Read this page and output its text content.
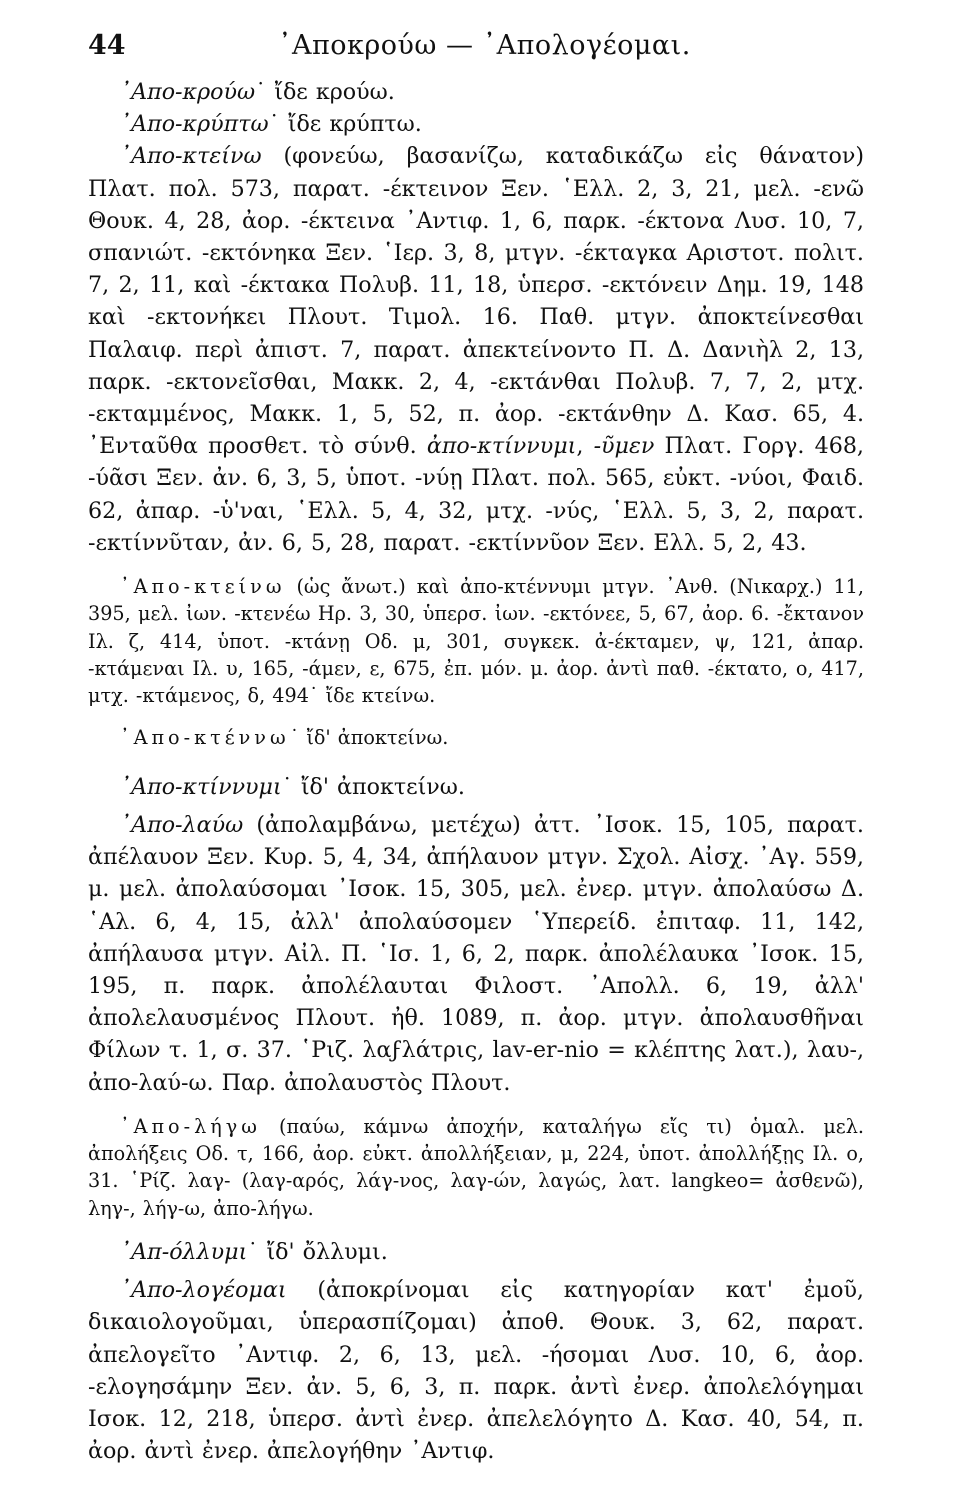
44	᾿Αποκρούω — ᾿Απολογέομαι.

᾿Απο-κρούω˙ ἴδε κρούω.

᾿Απο-κρύπτω˙ ἴδε κρύπτω.

᾿Απο-κτείνω (φονεύω, βασανίζω, καταδικάζω εἰς θάνατον) Πλατ. πολ. 573, παρατ. -έκτεινον Ξεν. ῾Ελλ. 2, 3, 21, μελ. -ενῶ Θουκ. 4, 28, ἀορ. -έκτεινα ᾿Αντιφ. 1, 6, παρκ. -έκτονα Λυσ. 10, 7, σπανιώτ. -εκτόνηκα Ξεν. ῾Ιερ. 3, 8, μτγν. -έκταγκα Αριστοτ. πολιτ. 7, 2, 11, καὶ -έκτακα Πολυβ. 11, 18, ὑπερσ. -εκτόνειν Δημ. 19, 148 καὶ -εκτονήκει Πλουτ. Τιμολ. 16. Παθ. μτγν. ἀποκτείνεσθαι Παλαιφ. περὶ ἀπιστ. 7, παρατ. ἀπεκτείνοντο Π. Δ. Δανιὴλ 2, 13, παρκ. -εκτονεῖσθαι, Μακκ. 2, 4, -εκτάνθαι Πολυβ. 7, 7, 2, μτχ. -εκταμμένος, Μακκ. 1, 5, 52, π. ἀορ. -εκτάνθην Δ. Κασ. 65, 4. ᾿Ενταῦθα προσθετ. τὸ σύνθ. ἀπο-κτίννυμι, -ῦμεν Πλατ. Γοργ. 468, -ύᾶσι Ξεν. ἀν. 6, 3, 5, ὑποτ. -νύῃ Πλατ. πολ. 565, εὐκτ. -νύοι, Φαιδ. 62, ἀπαρ. -ὑ'ναι, ῾Ελλ. 5, 4, 32, μτχ. -νύς, ῾Ελλ. 5, 3, 2, παρατ. -εκτίννῦταν, ἀν. 6, 5, 28, παρατ. -εκτίννῦον Ξεν. Ελλ. 5, 2, 43.

᾿Απο-κτείνω (ὡς ἄνωτ.) καὶ ἀπο-κτέννυμι μτγν. ᾿Ανθ. (Νικαρχ.) 11, 395, μελ. ἰων. -κτενέω Ηρ. 3, 30, ὑπερσ. ἰων. -εκτόνεε, 5, 67, ἀορ. 6. -ἔκτανον Ιλ. ζ, 414, ὑποτ. -κτάνῃ Οδ. μ, 301, συγκεκ. ἀ-έκταμεν, ψ, 121, ἀπαρ. -κτάμεναι Ιλ. υ, 165, -άμεν, ε, 675, ἐπ. μόν. μ. ἀορ. ἀντὶ παθ. -έκτατο, ο, 417, μτχ. -κτάμενος, δ, 494˙ ἴδε κτείνω.

᾿Απο-κτέννω˙ ἴδ' ἀποκτείνω.

᾿Απο-κτίννυμι˙ ἴδ' ἀποκτείνω.

᾿Απο-λαύω (ἀπολαμβάνω, μετέχω) ἀττ. ᾿Ισοκ. 15, 105, παρατ. ἀπέλαυον Ξεν. Κυρ. 5, 4, 34, ἀπήλαυον μτγν. Σχολ. Αἰσχ. ᾿Αγ. 559, μ. μελ. ἀπολαύσομαι ᾿Ισοκ. 15, 305, μελ. ἐνερ. μτγν. ἀπολαύσω Δ. ῾Αλ. 6, 4, 15, ἀλλ' ἀπολαύσομεν ῾Υπερείδ. ἐπιταφ. 11, 142, ἀπήλαυσα μτγν. Αἰλ. Π. ῾Ισ. 1, 6, 2, παρκ. ἀπολέλαυκα ᾿Ισοκ. 15, 195, π. παρκ. ἀπολέλαυται Φιλοστ. ᾿Απολλ. 6, 19, ἀλλ' ἀπολελαυσμένος Πλουτ. ἠθ. 1089, π. ἀορ. μτγν. ἀπολαυσθῆναι Φίλων τ. 1, σ. 37. ῾Ριζ. λαϝλάτρις, lav-er-nio = κλέπτης λατ.), λαυ-, ἀπο-λαύ-ω. Παρ. ἀπολαυστὸς Πλουτ.

᾿Απο-λήγω (παύω, κάμνω ἀποχήν, καταλήγω εἴς τι) ὁμαλ. μελ. ἀπολήξεις Οδ. τ, 166, ἀορ. εὐκτ. ἀπολλήξειαν, μ, 224, ὑποτ. ἀπολλήξῃς Ιλ. ο, 31. ῾Ρίζ. λαγ- (λαγ-αρός, λάγ-νος, λαγ-ών, λαγώς, λατ. langkeo= ἀσθενῶ), ληγ-, λήγ-ω, ἀπο-λήγω.

᾿Απ-όλλυμι˙ ἴδ' ὄλλυμι.

᾿Απο-λογέομαι (ἀποκρίνομαι εἰς κατηγορίαν κατ' ἐμοῦ, δικαιολογοῦμαι, ὑπερασπίζομαι) ἀποθ. Θουκ. 3, 62, παρατ. ἀπελογεῖτο ᾿Αντιφ. 2, 6, 13, μελ. -ήσομαι Λυσ. 10, 6, ἀορ. -ελογησάμην Ξεν. ἀν. 5, 6, 3, π. παρκ. ἀντὶ ἐνερ. ἀπολελόγημαι Ισοκ. 12, 218, ὑπερσ. ἀντὶ ἐνερ. ἀπελελόγητο Δ. Κασ. 40, 54, π. ἀορ. ἀντὶ ἐνερ. ἀπελογήθην ᾿Αντιφ.
